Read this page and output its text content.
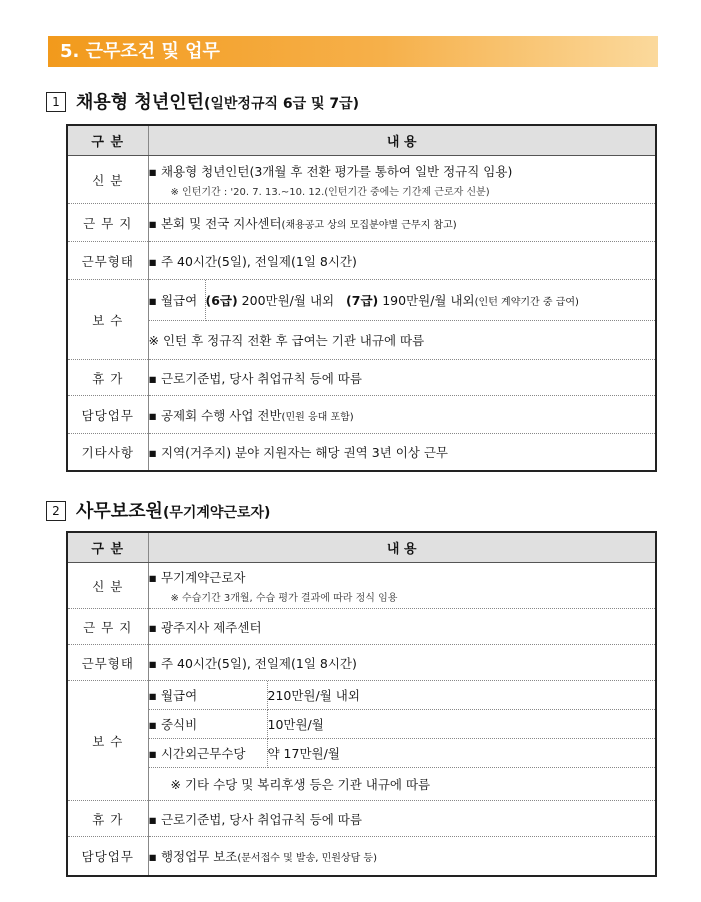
5. 근무조건 및 업무
1 채용형 청년인턴(일반정규직 6급 및 7급)
구 분	내 용
신 분	▪ 채용형 청년인턴(3개월 후 전환 평가를 통하여 일반 정규직 임용)
※ 인턴기간 : '20. 7. 13.~10. 12.(인턴기간 중에는 기간제 근로자 신분)

근 무 지	▪ 본회 및 전국 지사센터(채용공고 상의 모집분야별 근무지 참고)
근무형태	▪ 주 40시간(5일), 전일제(1일 8시간)
보 수	
▪ 월급여	(6급) 200만원/월 내외 (7급) 190만원/월 내외(인턴 계약기간 중 급여)
※ 인턴 후 정규직 전환 후 급여는 기관 내규에 따름

휴 가	▪ 근로기준법, 당사 취업규칙 등에 따름
담당업무	▪ 공제회 수행 사업 전반(민원 응대 포함)
기타사항	▪ 지역(거주지) 분야 지원자는 해당 권역 3년 이상 근무
2 사무보조원(무기계약근로자)
구 분	내 용
신 분	▪ 무기계약근로자
※ 수습기간 3개월, 수습 평가 결과에 따라 정식 임용

근 무 지	▪ 광주지사 제주센터
근무형태	▪ 주 40시간(5일), 전일제(1일 8시간)
보 수	
▪ 월급여	210만원/월 내외
▪ 중식비	10만원/월
▪ 시간외근무수당	약 17만원/월
※ 기타 수당 및 복리후생 등은 기관 내규에 따름

휴 가	▪ 근로기준법, 당사 취업규칙 등에 따름
담당업무	▪ 행정업무 보조(문서접수 및 발송, 민원상담 등)
